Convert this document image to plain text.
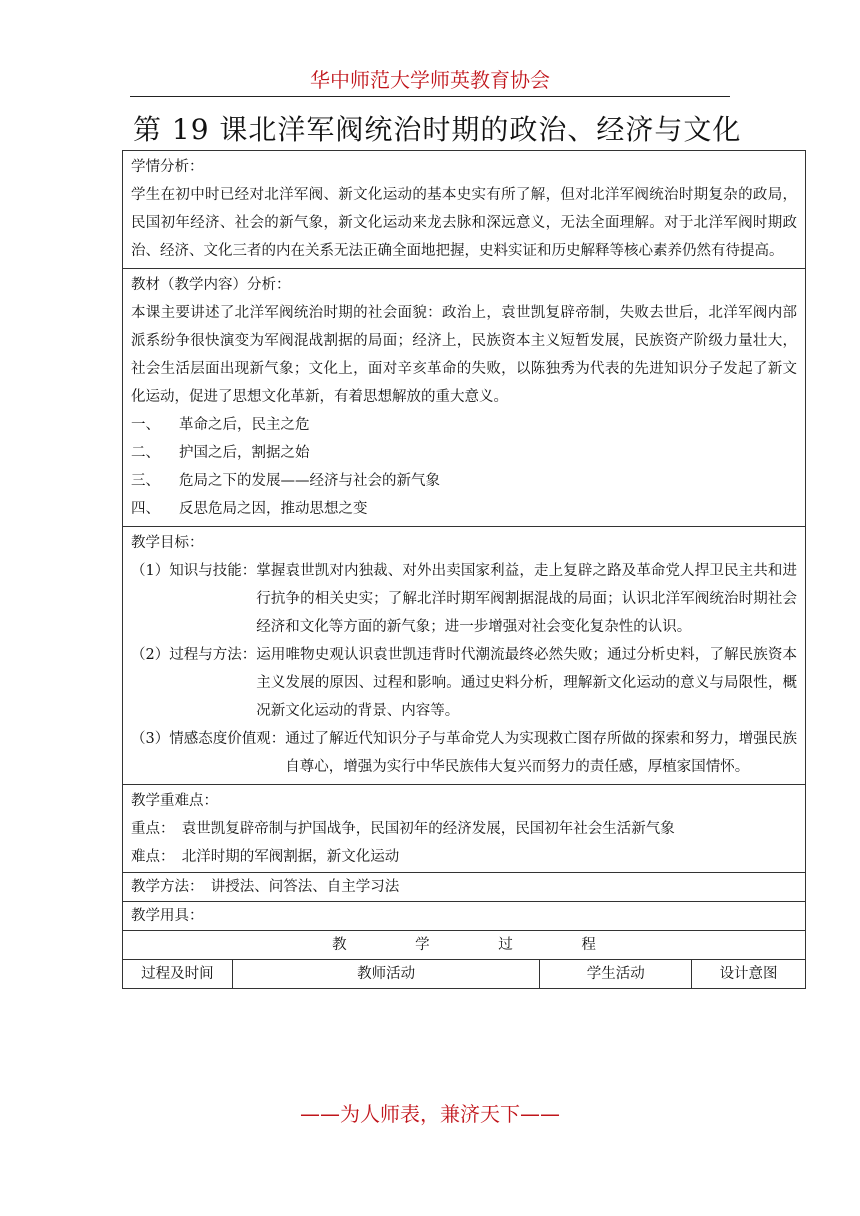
华中师范大学师英教育协会
第 19 课北洋军阀统治时期的政治、经济与文化
学情分析：
学生在初中时已经对北洋军阀、新文化运动的基本史实有所了解，但对北洋军阀统治时期复杂的政局，民国初年经济、社会的新气象，新文化运动来龙去脉和深远意义，无法全面理解。对于北洋军阀时期政治、经济、文化三者的内在关系无法正确全面地把握，史料实证和历史解释等核心素养仍然有待提高。

教材（教学内容）分析：
本课主要讲述了北洋军阀统治时期的社会面貌：政治上，袁世凯复辟帝制，失败去世后，北洋军阀内部派系纷争很快演变为军阀混战割据的局面；经济上，民族资本主义短暂发展，民族资产阶级力量壮大，社会生活层面出现新气象；文化上，面对辛亥革命的失败，以陈独秀为代表的先进知识分子发起了新文化运动，促进了思想文化革新，有着思想解放的重大意义。
一、 革命之后，民主之危
二、 护国之后，割据之始
三、 危局之下的发展——经济与社会的新气象
四、 反思危局之因，推动思想之变

教学目标：
（1）知识与技能： 掌握袁世凯对内独裁、对外出卖国家利益，走上复辟之路及革命党人捍卫民主共和进行抗争的相关史实；了解北洋时期军阀割据混战的局面；认识北洋军阀统治时期社会经济和文化等方面的新气象；进一步增强对社会变化复杂性的认识。
（2）过程与方法： 运用唯物史观认识袁世凯违背时代潮流最终必然失败；通过分析史料，了解民族资本主义发展的原因、过程和影响。通过史料分析，理解新文化运动的意义与局限性，概况新文化运动的背景、内容等。
（3）情感态度价值观： 通过了解近代知识分子与革命党人为实现救亡图存所做的探索和努力，增强民族自尊心，增强为实行中华民族伟大复兴而努力的责任感，厚植家国情怀。

教学重难点：
重点：　袁世凯复辟帝制与护国战争，民国初年的经济发展，民国初年社会生活新气象
难点：　北洋时期的军阀割据，新文化运动

教学方法：　讲授法、问答法、自主学习法
教学用具：
教 学 过 程
过程及时间	教师活动	学生活动	设计意图
——为人师表，兼济天下——
